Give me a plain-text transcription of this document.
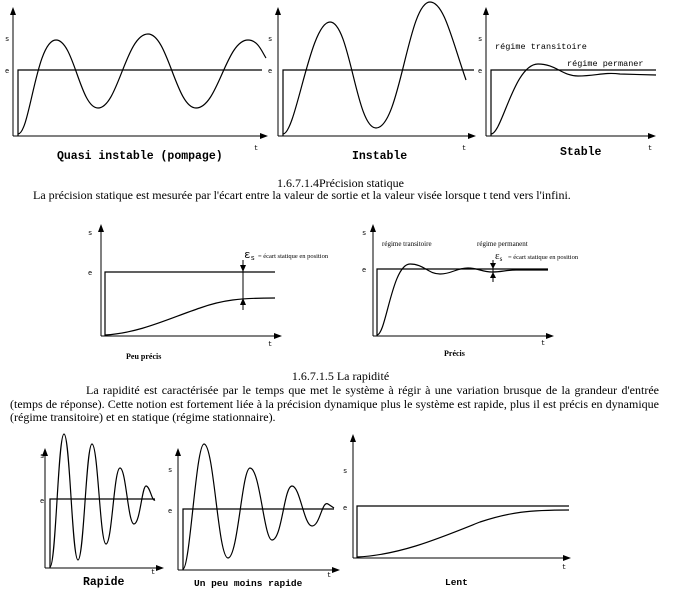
s
e
t
s
e
t
s
e
t
régime transitoire
régime permaner
Quasi instable (pompage)	Instable	Stable
1.6.7.1.4Précision statique
La précision statique est mesurée par l'écart entre la valeur de sortie et la valeur visée lorsque t tend vers l'infini.
s
e
t
εs = écart statique en position
s
e
t
régime transitoire	régime permanent
εs = écart statique en position
Peu précis	Précis
1.6.7.1.5 La rapidité
La rapidité est caractérisée par le temps que met le système à régir à une variation brusque de la grandeur d'entrée (temps de réponse). Cette notion est fortement liée à la précision dynamique plus le système est rapide, plus il est précis en dynamique (régime transitoire) et en statique (régime stationnaire).
s
e
t
s
e
t
s
e
t
Rapide	Un peu moins rapide	Lent
